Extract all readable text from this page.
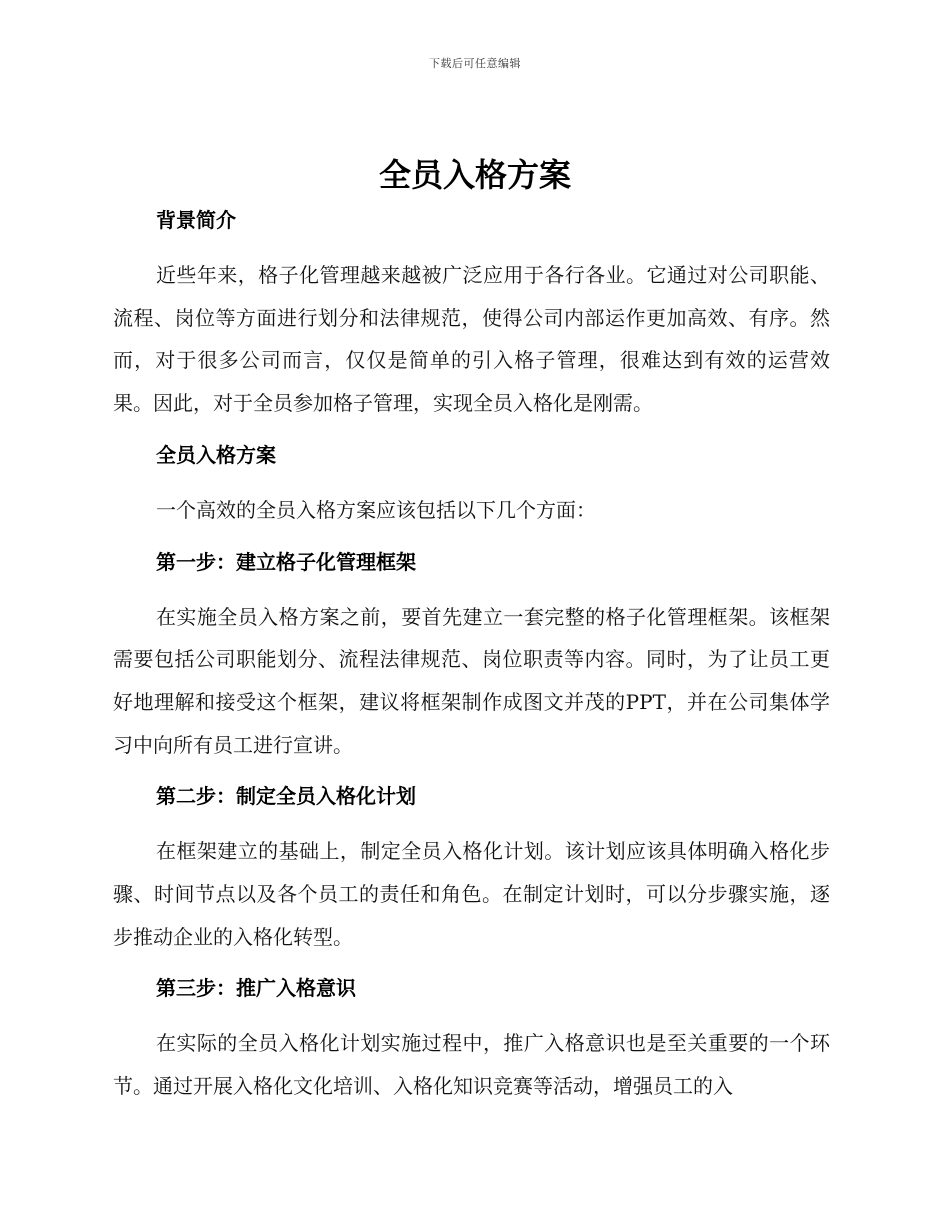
下载后可任意编辑
全员入格方案

背景简介

近些年来，格子化管理越来越被广泛应用于各行各业。它通过对公司职能、流程、岗位等方面进行划分和法律规范，使得公司内部运作更加高效、有序。然而，对于很多公司而言，仅仅是简单的引入格子管理，很难达到有效的运营效果。因此，对于全员参加格子管理，实现全员入格化是刚需。

全员入格方案

一个高效的全员入格方案应该包括以下几个方面：

第一步：建立格子化管理框架

在实施全员入格方案之前，要首先建立一套完整的格子化管理框架。该框架需要包括公司职能划分、流程法律规范、岗位职责等内容。同时，为了让员工更好地理解和接受这个框架，建议将框架制作成图文并茂的PPT，并在公司集体学习中向所有员工进行宣讲。

第二步：制定全员入格化计划

在框架建立的基础上，制定全员入格化计划。该计划应该具体明确入格化步骤、时间节点以及各个员工的责任和角色。在制定计划时，可以分步骤实施，逐步推动企业的入格化转型。

第三步：推广入格意识

在实际的全员入格化计划实施过程中，推广入格意识也是至关重要的一个环节。通过开展入格化文化培训、入格化知识竞赛等活动，增强员工的入
